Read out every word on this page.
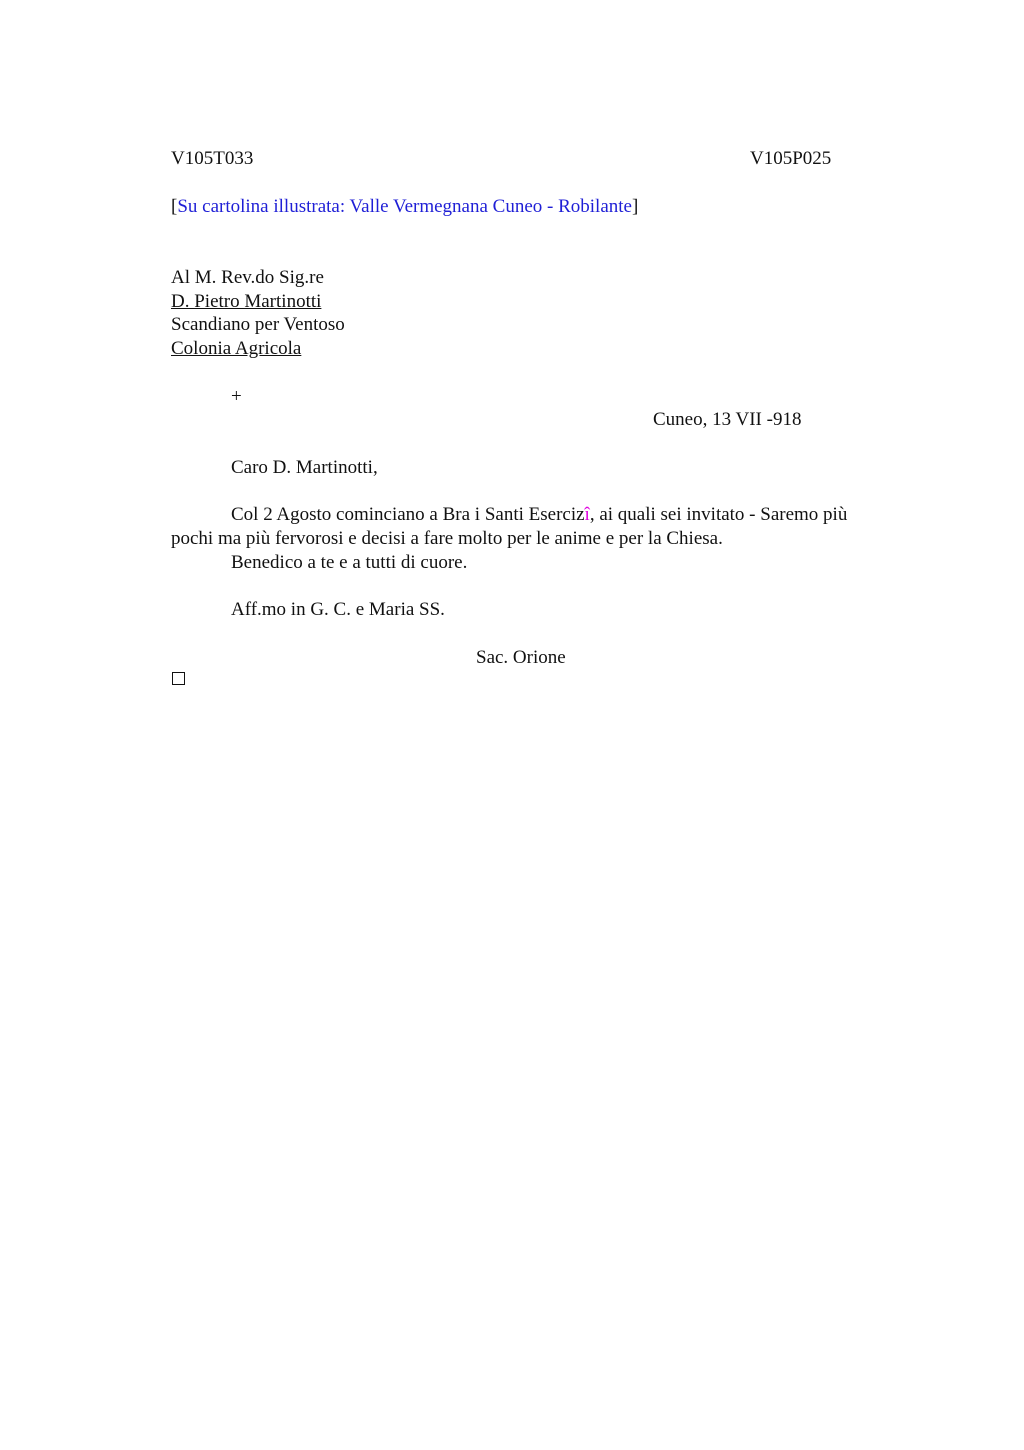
V105T033	V105P025
[Su cartolina illustrata: Valle Vermegnana Cuneo - Robilante]
Al M. Rev.do Sig.re
D. Pietro Martinotti
Scandiano per Ventoso
Colonia Agricola
+
Cuneo, 13 VII -918
Caro D. Martinotti,
Col 2 Agosto cominciano a Bra i Santi Esercizî, ai quali sei invitato - Saremo più
pochi ma più fervorosi e decisi a fare molto per le anime e per la Chiesa.
Benedico a te e a tutti di cuore.
Aff.mo in G. C. e Maria SS.
Sac. Orione
